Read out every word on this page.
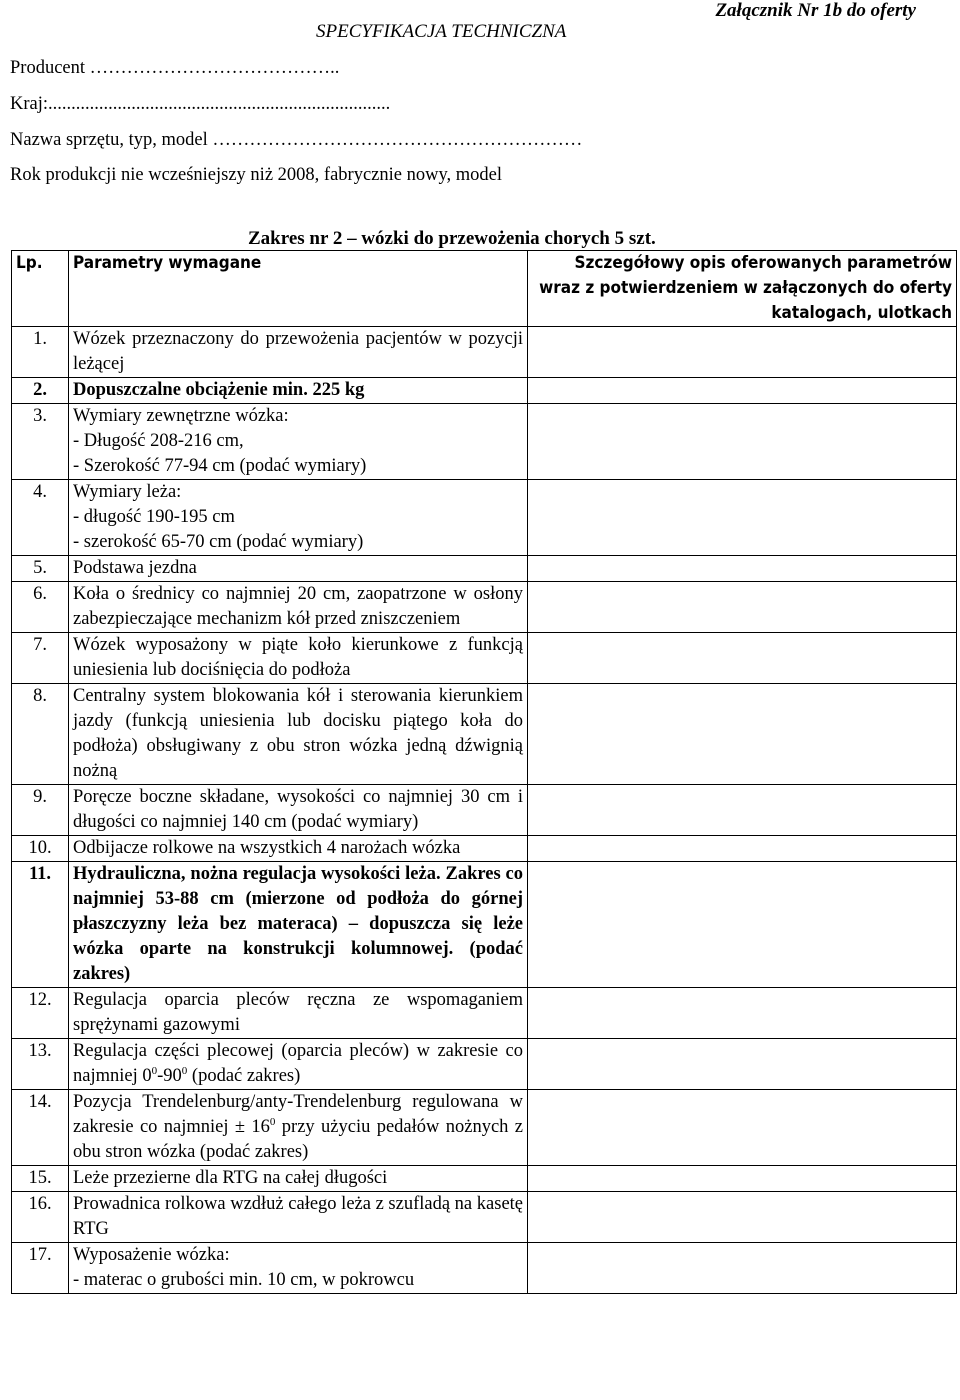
Załącznik Nr 1b do oferty
SPECYFIKACJA TECHNICZNA
Producent …………………………………..
Kraj:..........................................................................
Nazwa sprzętu, typ, model ……………………………………………………
Rok produkcji nie wcześniejszy niż 2008, fabrycznie nowy, model
Zakres nr 2 – wózki do przewożenia chorych 5 szt.
Lp.	Parametry wymagane	Szczegółowy opis oferowanych parametrów wraz z potwierdzeniem w załączonych do oferty katalogach, ulotkach
1.	Wózek przeznaczony do przewożenia pacjentów w pozycji leżącej	
2.	Dopuszczalne obciążenie min. 225 kg	
3.	Wymiary zewnętrzne wózka:
- Długość 208-216 cm,
- Szerokość 77-94 cm (podać wymiary)	
4.	Wymiary leża:
- długość 190-195 cm
- szerokość 65-70 cm (podać wymiary)	
5.	Podstawa jezdna	
6.	Koła o średnicy co najmniej 20 cm, zaopatrzone w osłony zabezpieczające mechanizm kół przed zniszczeniem	
7.	Wózek wyposażony w piąte koło kierunkowe z funkcją uniesienia lub dociśnięcia do podłoża	
8.	Centralny system blokowania kół i sterowania kierunkiem jazdy (funkcją uniesienia lub docisku piątego koła do podłoża) obsługiwany z obu stron wózka jedną dźwignią nożną	
9.	Poręcze boczne składane, wysokości co najmniej 30 cm i długości co najmniej 140 cm (podać wymiary)	
10.	Odbijacze rolkowe na wszystkich 4 narożach wózka	
11.	Hydrauliczna, nożna regulacja wysokości leża. Zakres co najmniej 53-88 cm (mierzone od podłoża do górnej płaszczyzny leża bez materaca) – dopuszcza się leże wózka oparte na konstrukcji kolumnowej. (podać zakres)	
12.	Regulacja oparcia pleców ręczna ze wspomaganiem sprężynami gazowymi	
13.	Regulacja części plecowej (oparcia pleców) w zakresie co najmniej $0^0-90^0$ (podać zakres)	
14.	Pozycja Trendelenburg/anty-Trendelenburg regulowana w zakresie co najmniej ± $16^0$ przy użyciu pedałów nożnych z obu stron wózka (podać zakres)	
15.	Leże przezierne dla RTG na całej długości	
16.	Prowadnica rolkowa wzdłuż całego leża z szufladą na kasetę RTG	
17.	Wyposażenie wózka:
- materac o grubości min. 10 cm, w pokrowcu	
